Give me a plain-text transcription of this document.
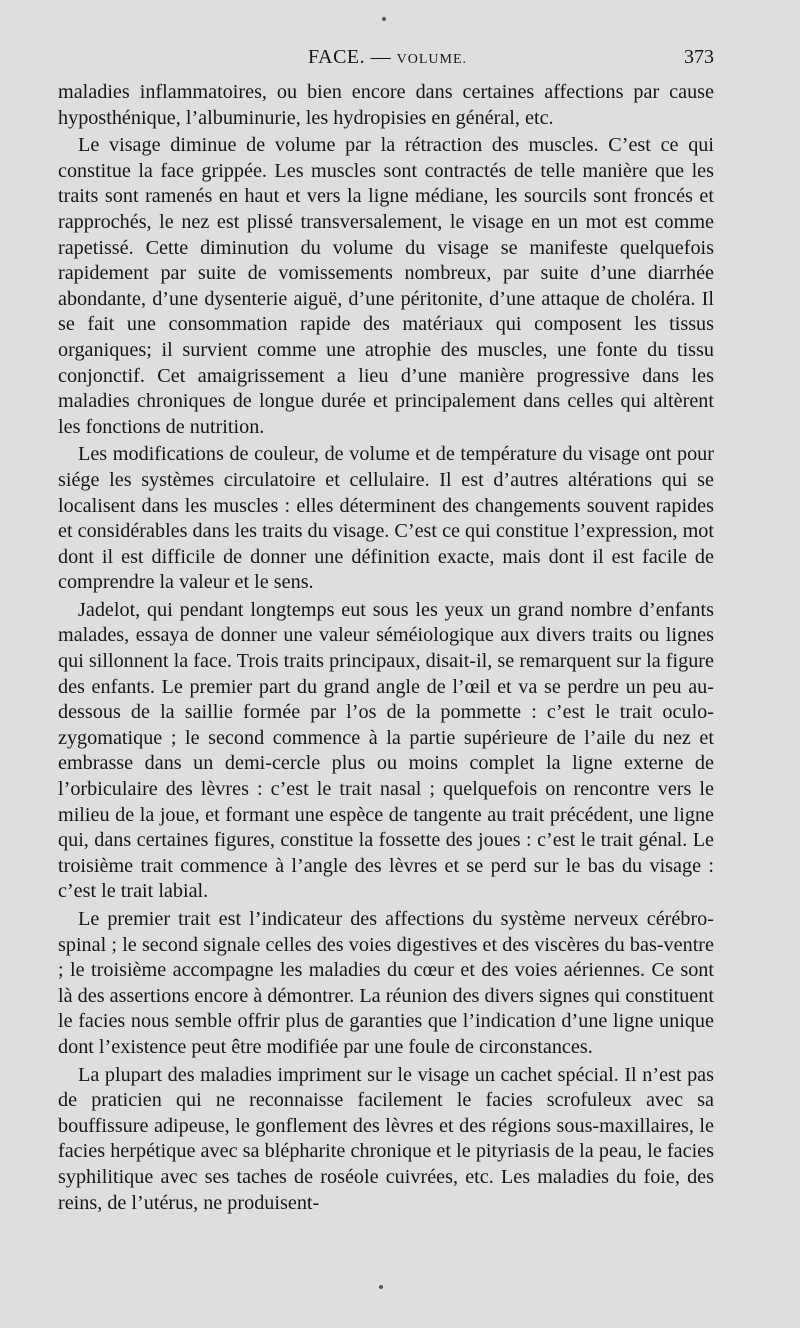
FACE. — VOLUME.	373

maladies inflammatoires, ou bien encore dans certaines affections par cause hyposthénique, l’albuminurie, les hydropisies en général, etc.

Le visage diminue de volume par la rétraction des muscles. C’est ce qui constitue la face grippée. Les muscles sont contractés de telle manière que les traits sont ramenés en haut et vers la ligne médiane, les sourcils sont froncés et rapprochés, le nez est plissé transversalement, le visage en un mot est comme rapetissé. Cette diminution du volume du visage se manifeste quelquefois rapidement par suite de vomissements nombreux, par suite d’une diarrhée abondante, d’une dysenterie aiguë, d’une péritonite, d’une attaque de choléra. Il se fait une consommation rapide des matériaux qui composent les tissus organiques; il survient comme une atrophie des muscles, une fonte du tissu conjonctif. Cet amaigrissement a lieu d’une manière progressive dans les maladies chroniques de longue durée et principalement dans celles qui altèrent les fonctions de nutrition.

Les modifications de couleur, de volume et de température du visage ont pour siége les systèmes circulatoire et cellulaire. Il est d’autres altérations qui se localisent dans les muscles : elles déterminent des changements souvent rapides et considérables dans les traits du visage. C’est ce qui constitue l’expression, mot dont il est difficile de donner une définition exacte, mais dont il est facile de comprendre la valeur et le sens.

Jadelot, qui pendant longtemps eut sous les yeux un grand nombre d’enfants malades, essaya de donner une valeur séméiologique aux divers traits ou lignes qui sillonnent la face. Trois traits principaux, disait-il, se remarquent sur la figure des enfants. Le premier part du grand angle de l’œil et va se perdre un peu au-dessous de la saillie formée par l’os de la pommette : c’est le trait oculo-zygomatique ; le second commence à la partie supérieure de l’aile du nez et embrasse dans un demi-cercle plus ou moins complet la ligne externe de l’orbiculaire des lèvres : c’est le trait nasal ; quelquefois on rencontre vers le milieu de la joue, et formant une espèce de tangente au trait précédent, une ligne qui, dans certaines figures, constitue la fossette des joues : c’est le trait génal. Le troisième trait commence à l’angle des lèvres et se perd sur le bas du visage : c’est le trait labial.

Le premier trait est l’indicateur des affections du système nerveux cérébro-spinal ; le second signale celles des voies digestives et des viscères du bas-ventre ; le troisième accompagne les maladies du cœur et des voies aériennes. Ce sont là des assertions encore à démontrer. La réunion des divers signes qui constituent le facies nous semble offrir plus de garanties que l’indication d’une ligne unique dont l’existence peut être modifiée par une foule de circonstances.

La plupart des maladies impriment sur le visage un cachet spécial. Il n’est pas de praticien qui ne reconnaisse facilement le facies scrofuleux avec sa bouffissure adipeuse, le gonflement des lèvres et des régions sous-maxillaires, le facies herpétique avec sa blépharite chronique et le pityriasis de la peau, le facies syphilitique avec ses taches de roséole cuivrées, etc. Les maladies du foie, des reins, de l’utérus, ne produisent-
